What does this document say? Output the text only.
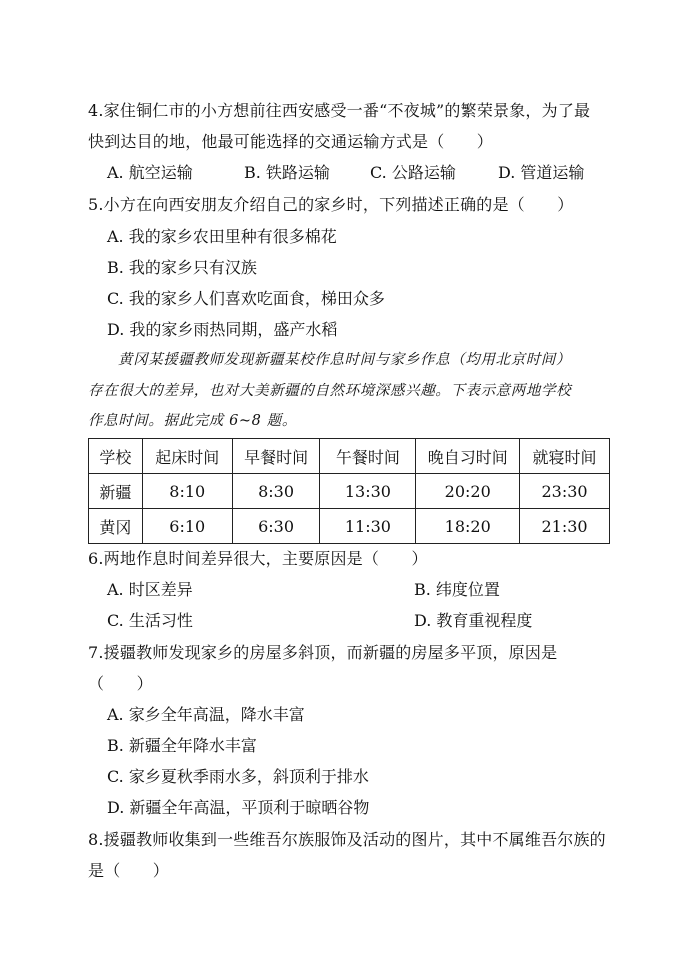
4.家住铜仁市的小方想前往西安感受一番“不夜城”的繁荣景象，为了最
快到达目的地，他最可能选择的交通运输方式是（　　）
A. 航空运输	B. 铁路运输	C. 公路运输	D. 管道运输
5.小方在向西安朋友介绍自己的家乡时，下列描述正确的是（　　）
A. 我的家乡农田里种有很多棉花
B. 我的家乡只有汉族
C. 我的家乡人们喜欢吃面食，梯田众多
D. 我的家乡雨热同期，盛产水稻
黄冈某援疆教师发现新疆某校作息时间与家乡作息（均用北京时间）
存在很大的差异，也对大美新疆的自然环境深感兴趣。下表示意两地学校
作息时间。据此完成 6~8 题。
学校	起床时间	早餐时间	午餐时间	晚自习时间	就寝时间
新疆	8:10	8:30	13:30	20:20	23:30
黄冈	6:10	6:30	11:30	18:20	21:30
6.两地作息时间差异很大，主要原因是（　　）
A. 时区差异	B. 纬度位置
C. 生活习性	D. 教育重视程度
7.援疆教师发现家乡的房屋多斜顶，而新疆的房屋多平顶，原因是
（　　）
A. 家乡全年高温，降水丰富
B. 新疆全年降水丰富
C. 家乡夏秋季雨水多，斜顶利于排水
D. 新疆全年高温，平顶利于晾晒谷物
8.援疆教师收集到一些维吾尔族服饰及活动的图片，其中不属维吾尔族的
是（　　）
